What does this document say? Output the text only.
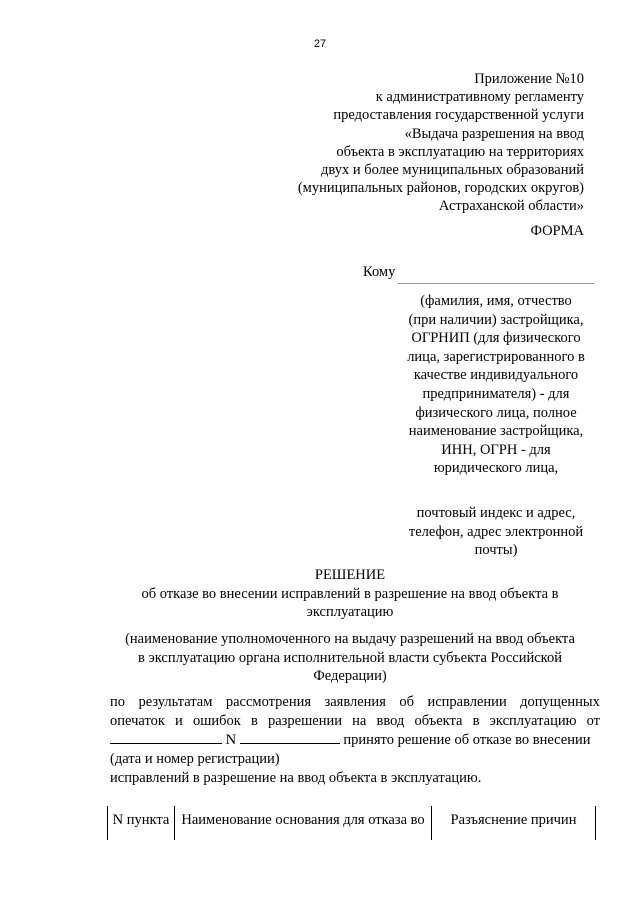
27
Приложение №10
к административному регламенту
предоставления государственной услуги
«Выдача разрешения на ввод
объекта в эксплуатацию на территориях
двух и более муниципальных образований
(муниципальных районов, городских округов)
Астраханской области»
ФОРМА
Кому
(фамилия, имя, отчество
(при наличии) застройщика,
ОГРНИП (для физического
лица, зарегистрированного в
качестве индивидуального
предпринимателя) - для
физического лица, полное
наименование застройщика,
ИНН, ОГРН - для
юридического лица,
почтовый индекс и адрес,
телефон, адрес электронной
почты)
РЕШЕНИЕ
об отказе во внесении исправлений в разрешение на ввод объекта в
эксплуатацию
(наименование уполномоченного на выдачу разрешений на ввод объекта
в эксплуатацию органа исполнительной власти субъекта Российской
Федерации)
по результатам рассмотрения заявления об исправлении допущенных
опечаток и ошибок в разрешении на ввод объекта в эксплуатацию от
N	принято решение об отказе во внесении
(дата и номер регистрации)
исправлений в разрешение на ввод объекта в эксплуатацию.
N пункта	Наименование основания для отказа во	Разъяснение причин
